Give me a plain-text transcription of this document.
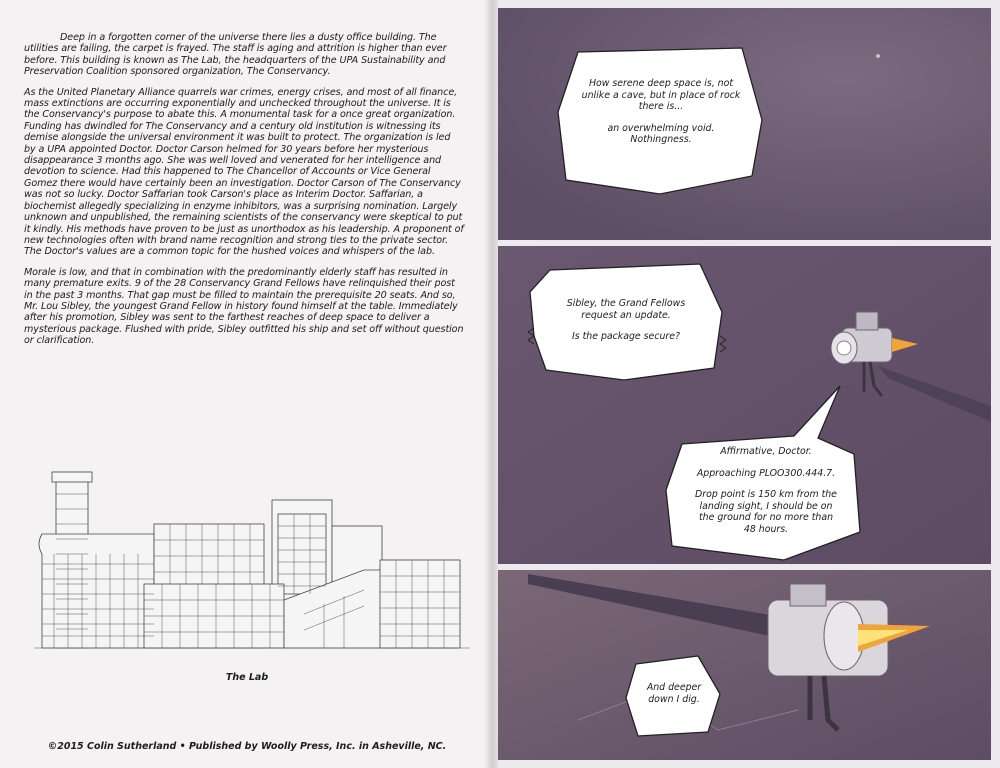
Deep in a forgotten corner of the universe there lies a dusty office building. The utilities are failing, the carpet is frayed. The staff is aging and attrition is higher than ever before. This building is known as The Lab, the headquarters of the UPA Sustainability and Preservation Coalition sponsored organization, The Conservancy.

As the United Planetary Alliance quarrels war crimes, energy crises, and most of all finance, mass extinctions are occurring exponentially and unchecked throughout the universe. It is the Conservancy's purpose to abate this. A monumental task for a once great organization. Funding has dwindled for The Conservancy and a century old institution is witnessing its demise alongside the universal environment it was built to protect. The organization is led by a UPA appointed Doctor. Doctor Carson helmed for 30 years before her mysterious disappearance 3 months ago. She was well loved and venerated for her intelligence and devotion to science. Had this happened to The Chancellor of Accounts or Vice General Gomez there would have certainly been an investigation. Doctor Carson of The Conservancy was not so lucky. Doctor Saffarian took Carson's place as Interim Doctor. Saffarian, a biochemist allegedly specializing in enzyme inhibitors, was a surprising nomination. Largely unknown and unpublished, the remaining scientists of the conservancy were skeptical to put it kindly. His methods have proven to be just as unorthodox as his leadership. A proponent of new technologies often with brand name recognition and strong ties to the private sector. The Doctor's values are a common topic for the hushed voices and whispers of the lab.

Morale is low, and that in combination with the predominantly elderly staff has resulted in many premature exits. 9 of the 28 Conservancy Grand Fellows have relinquished their post in the past 3 months. That gap must be filled to maintain the prerequisite 20 seats. And so, Mr. Lou Sibley, the youngest Grand Fellow in history found himself at the table. Immediately after his promotion, Sibley was sent to the farthest reaches of deep space to deliver a mysterious package. Flushed with pride, Sibley outfitted his ship and set off without question or clarification.

The Lab
©2015 Colin Sutherland • Published by Woolly Press, Inc. in Asheville, NC.
How serene deep space is, not
unlike a cave, but in place of rock
there is...
an overwhelming void.
Nothingness.
Sibley, the Grand Fellows
request an update.
Is the package secure?
Affirmative, Doctor.
Approaching PLOO300.444.7.
Drop point is 150 km from the
landing sight, I should be on
the ground for no more than
48 hours.
And deeper
down I dig.
